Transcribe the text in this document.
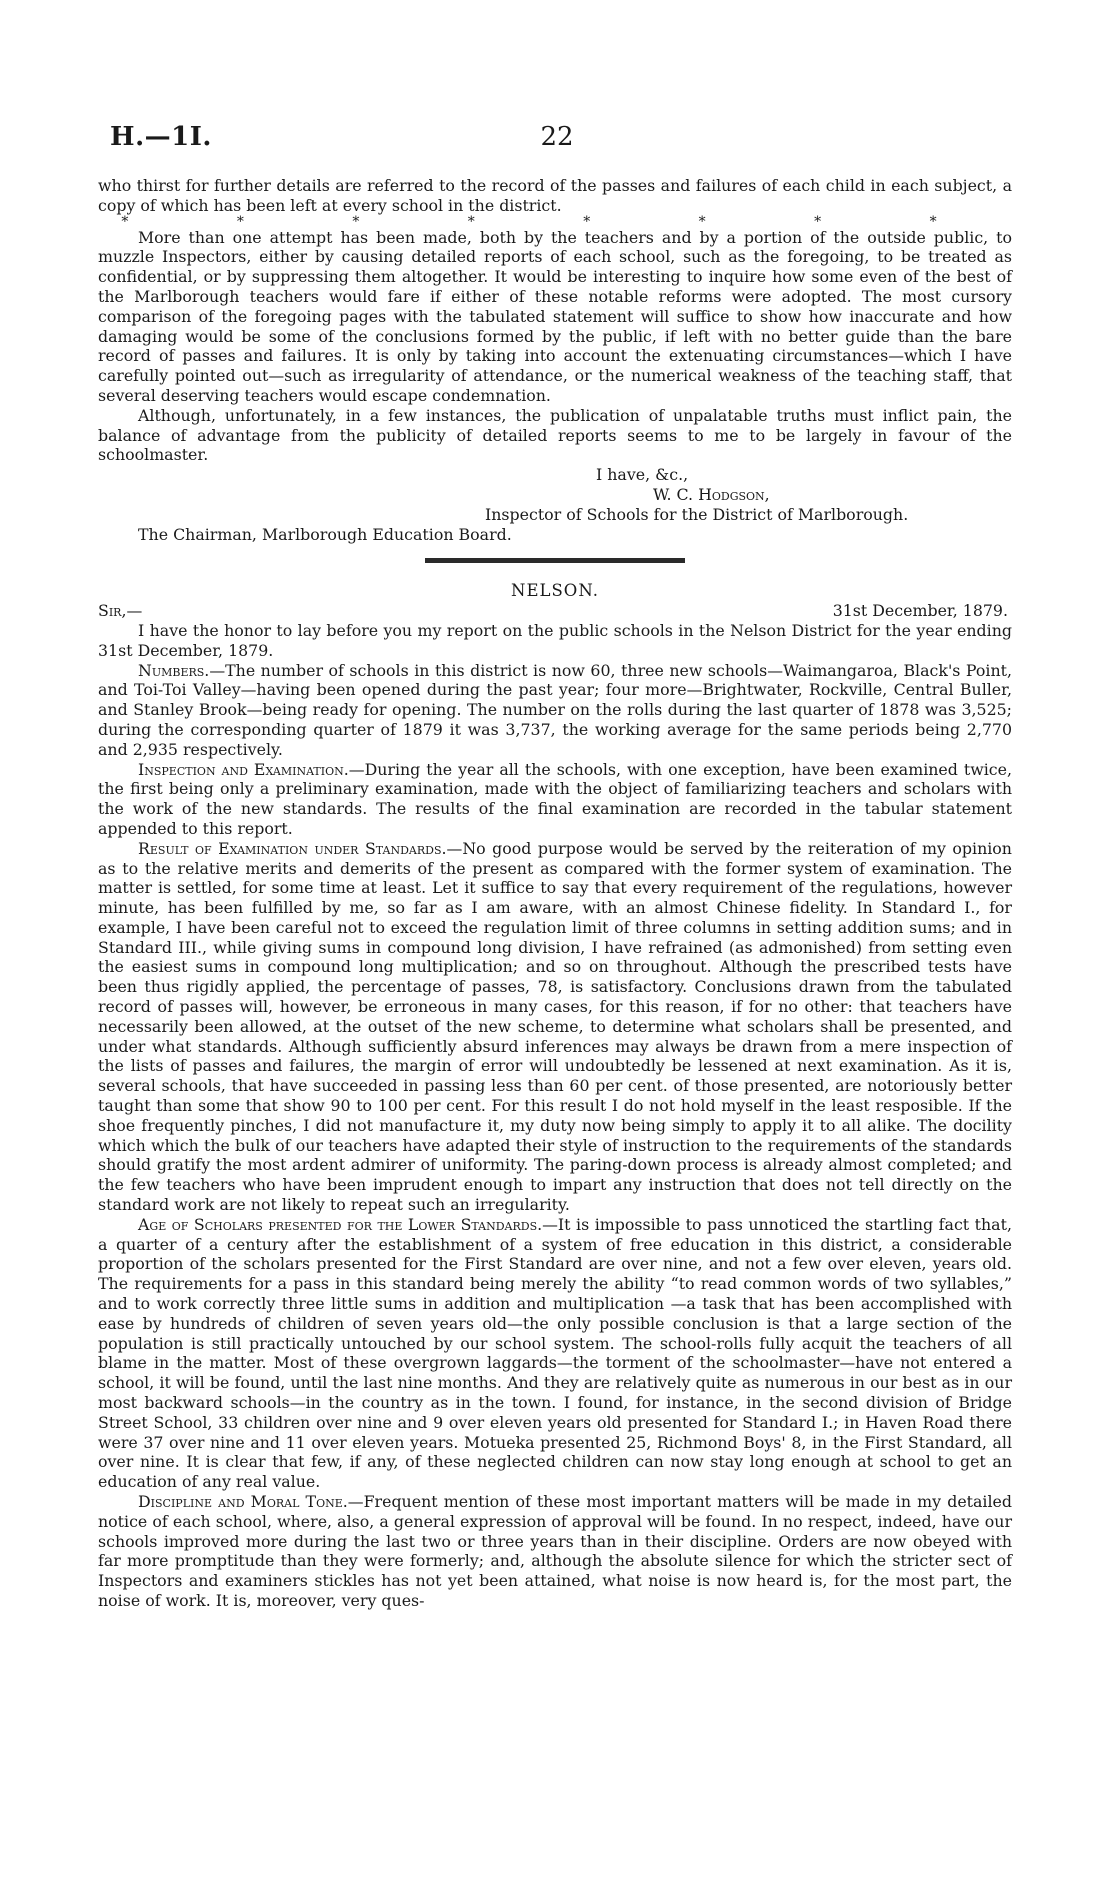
H.—1I.	22

who thirst for further details are referred to the record of the passes and failures of each child in each subject, a copy of which has been left at every school in the district.

* * * * * * * *

More than one attempt has been made, both by the teachers and by a portion of the outside public, to muzzle Inspectors, either by causing detailed reports of each school, such as the foregoing, to be treated as confidential, or by suppressing them altogether. It would be interesting to inquire how some even of the best of the Marlborough teachers would fare if either of these notable reforms were adopted. The most cursory comparison of the foregoing pages with the tabulated statement will suffice to show how inaccurate and how damaging would be some of the conclusions formed by the public, if left with no better guide than the bare record of passes and failures. It is only by taking into account the extenuating circumstances—which I have carefully pointed out—such as irregularity of attendance, or the numerical weakness of the teaching staff, that several deserving teachers would escape condemnation.

Although, unfortunately, in a few instances, the publication of unpalatable truths must inflict pain, the balance of advantage from the publicity of detailed reports seems to me to be largely in favour of the schoolmaster.

I have, &c.,

W. C. Hodgson,

Inspector of Schools for the District of Marlborough.

The Chairman, Marlborough Education Board.

NELSON.

Sir,—	31st December, 1879.

I have the honor to lay before you my report on the public schools in the Nelson District for the year ending 31st December, 1879.

Numbers.—The number of schools in this district is now 60, three new schools—Waimangaroa, Black's Point, and Toi-Toi Valley—having been opened during the past year; four more—Brightwater, Rockville, Central Buller, and Stanley Brook—being ready for opening. The number on the rolls during the last quarter of 1878 was 3,525; during the corresponding quarter of 1879 it was 3,737, the working average for the same periods being 2,770 and 2,935 respectively.

Inspection and Examination.—During the year all the schools, with one exception, have been examined twice, the first being only a preliminary examination, made with the object of familiarizing teachers and scholars with the work of the new standards. The results of the final examination are recorded in the tabular statement appended to this report.

Result of Examination under Standards.—No good purpose would be served by the reiteration of my opinion as to the relative merits and demerits of the present as compared with the former system of examination. The matter is settled, for some time at least. Let it suffice to say that every requirement of the regulations, however minute, has been fulfilled by me, so far as I am aware, with an almost Chinese fidelity. In Standard I., for example, I have been careful not to exceed the regulation limit of three columns in setting addition sums; and in Standard III., while giving sums in compound long division, I have refrained (as admonished) from setting even the easiest sums in compound long multiplication; and so on throughout. Although the prescribed tests have been thus rigidly applied, the percentage of passes, 78, is satisfactory. Conclusions drawn from the tabulated record of passes will, however, be erroneous in many cases, for this reason, if for no other: that teachers have necessarily been allowed, at the outset of the new scheme, to determine what scholars shall be presented, and under what standards. Although sufficiently absurd inferences may always be drawn from a mere inspection of the lists of passes and failures, the margin of error will undoubtedly be lessened at next examination. As it is, several schools, that have succeeded in passing less than 60 per cent. of those presented, are notoriously better taught than some that show 90 to 100 per cent. For this result I do not hold myself in the least resposible. If the shoe frequently pinches, I did not manufacture it, my duty now being simply to apply it to all alike. The docility which which the bulk of our teachers have adapted their style of instruction to the requirements of the standards should gratify the most ardent admirer of uniformity. The paring-down process is already almost completed; and the few teachers who have been imprudent enough to impart any instruction that does not tell directly on the standard work are not likely to repeat such an irregularity.

Age of Scholars presented for the Lower Standards.—It is impossible to pass unnoticed the startling fact that, a quarter of a century after the establishment of a system of free education in this district, a considerable proportion of the scholars presented for the First Standard are over nine, and not a few over eleven, years old. The requirements for a pass in this standard being merely the ability “to read common words of two syllables,” and to work correctly three little sums in addition and multiplication —a task that has been accomplished with ease by hundreds of children of seven years old—the only possible conclusion is that a large section of the population is still practically untouched by our school system. The school-rolls fully acquit the teachers of all blame in the matter. Most of these overgrown laggards—the torment of the schoolmaster—have not entered a school, it will be found, until the last nine months. And they are relatively quite as numerous in our best as in our most backward schools—in the country as in the town. I found, for instance, in the second division of Bridge Street School, 33 children over nine and 9 over eleven years old presented for Standard I.; in Haven Road there were 37 over nine and 11 over eleven years. Motueka presented 25, Richmond Boys' 8, in the First Standard, all over nine. It is clear that few, if any, of these neglected children can now stay long enough at school to get an education of any real value.

Discipline and Moral Tone.—Frequent mention of these most important matters will be made in my detailed notice of each school, where, also, a general expression of approval will be found. In no respect, indeed, have our schools improved more during the last two or three years than in their discipline. Orders are now obeyed with far more promptitude than they were formerly; and, although the absolute silence for which the stricter sect of Inspectors and examiners stickles has not yet been attained, what noise is now heard is, for the most part, the noise of work. It is, moreover, very ques-
